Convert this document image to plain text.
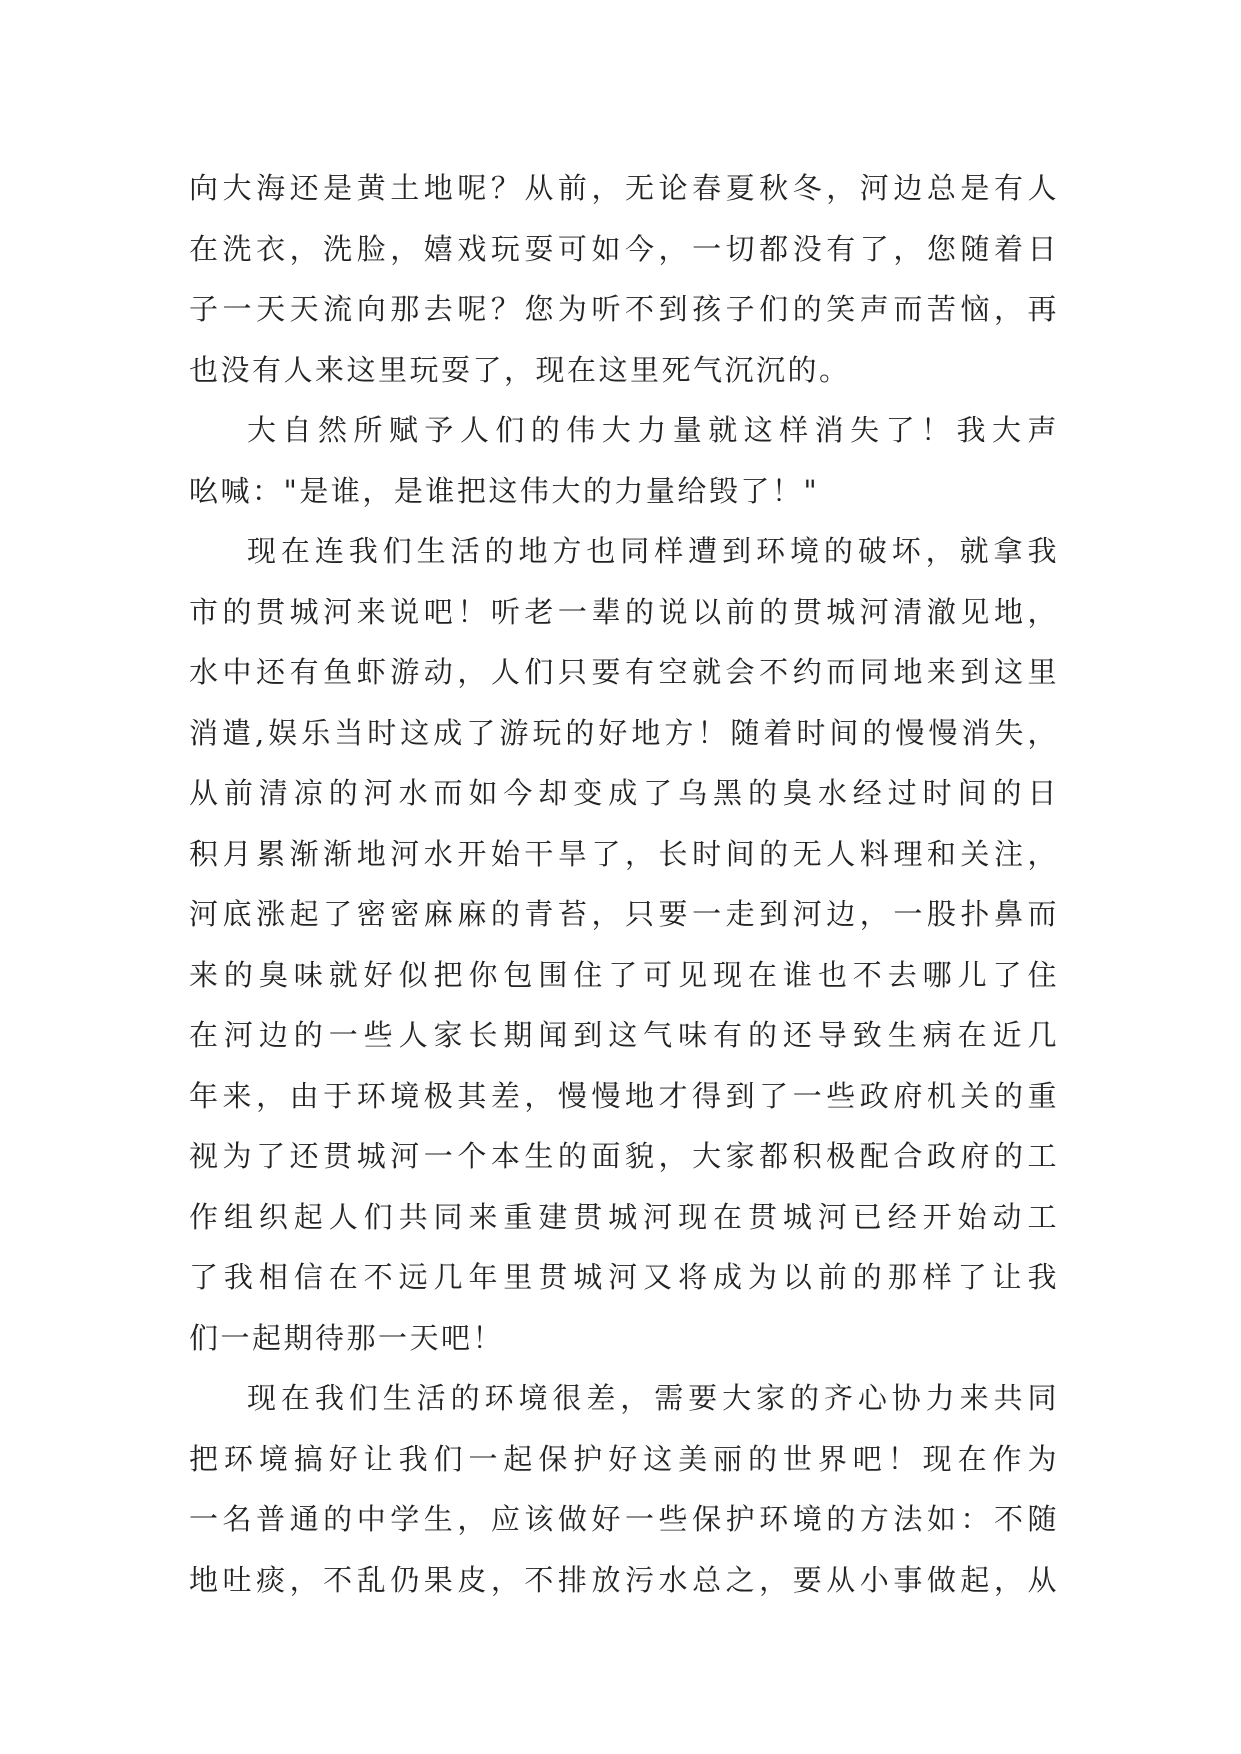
向大海还是黄土地呢？从前，无论春夏秋冬，河边总是有人
在洗衣，洗脸，嬉戏玩耍可如今，一切都没有了，您随着日
子一天天流向那去呢？您为听不到孩子们的笑声而苦恼，再
也没有人来这里玩耍了，现在这里死气沉沉的。
大自然所赋予人们的伟大力量就这样消失了！我大声
吆喊："是谁，是谁把这伟大的力量给毁了！"
现在连我们生活的地方也同样遭到环境的破坏，就拿我
市的贯城河来说吧！听老一辈的说以前的贯城河清澈见地，
水中还有鱼虾游动，人们只要有空就会不约而同地来到这里
消遣,娱乐当时这成了游玩的好地方！随着时间的慢慢消失，
从前清凉的河水而如今却变成了乌黑的臭水经过时间的日
积月累渐渐地河水开始干旱了，长时间的无人料理和关注，
河底涨起了密密麻麻的青苔，只要一走到河边，一股扑鼻而
来的臭味就好似把你包围住了可见现在谁也不去哪儿了住
在河边的一些人家长期闻到这气味有的还导致生病在近几
年来，由于环境极其差，慢慢地才得到了一些政府机关的重
视为了还贯城河一个本生的面貌，大家都积极配合政府的工
作组织起人们共同来重建贯城河现在贯城河已经开始动工
了我相信在不远几年里贯城河又将成为以前的那样了让我
们一起期待那一天吧！
现在我们生活的环境很差，需要大家的齐心协力来共同
把环境搞好让我们一起保护好这美丽的世界吧！现在作为
一名普通的中学生，应该做好一些保护环境的方法如：不随
地吐痰，不乱仍果皮，不排放污水总之，要从小事做起，从
